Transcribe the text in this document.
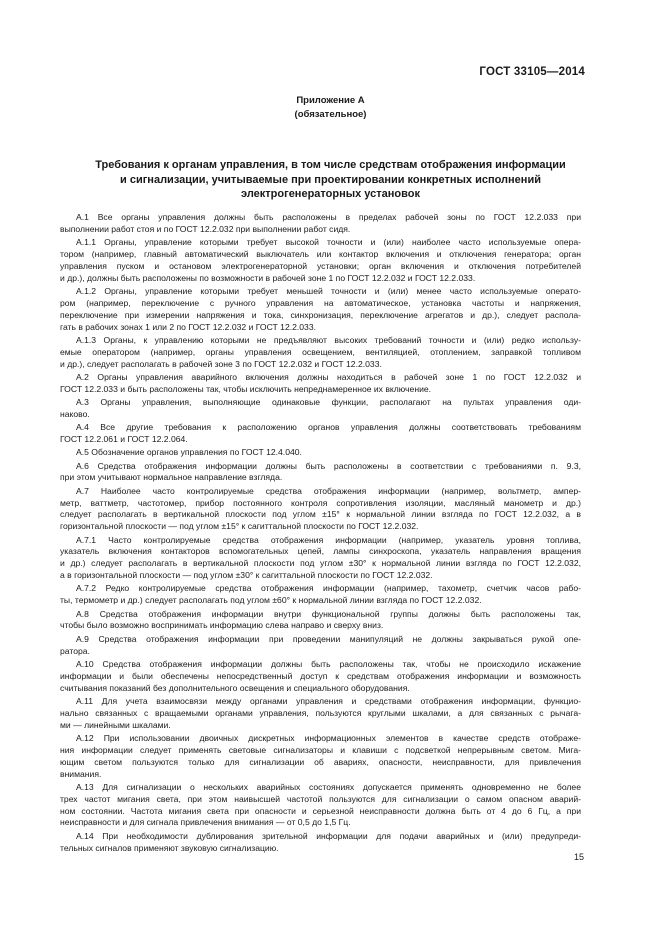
ГОСТ 33105—2014
Приложение А
(обязательное)
Требования к органам управления, в том числе средствам отображения информации
и сигнализации, учитываемые при проектировании конкретных исполнений
электрогенераторных установок
А.1 Все органы управления должны быть расположены в пределах рабочей зоны по ГОСТ 12.2.033 при
выполнении работ стоя и по ГОСТ 12.2.032 при выполнении работ сидя.
А.1.1 Органы, управление которыми требует высокой точности и (или) наиболее часто используемые опера-
тором (например, главный автоматический выключатель или контактор включения и отключения генератора; орган
управления пуском и остановом электрогенераторной установки; орган включения и отключения потребителей
и др.), должны быть расположены по возможности в рабочей зоне 1 по ГОСТ 12.2.032 и ГОСТ 12.2.033.
А.1.2 Органы, управление которыми требует меньшей точности и (или) менее часто используемые операто-
ром (например, переключение с ручного управления на автоматическое, установка частоты и напряжения,
переключение при измерении напряжения и тока, синхронизация, переключение агрегатов и др.), следует распола-
гать в рабочих зонах 1 или 2 по ГОСТ 12.2.032 и ГОСТ 12.2.033.
А.1.3 Органы, к управлению которыми не предъявляют высоких требований точности и (или) редко использу-
емые оператором (например, органы управления освещением, вентиляцией, отоплением, заправкой топливом
и др.), следует располагать в рабочей зоне 3 по ГОСТ 12.2.032 и ГОСТ 12.2.033.
А.2 Органы управления аварийного включения должны находиться в рабочей зоне 1 по ГОСТ 12.2.032 и
ГОСТ 12.2.033 и быть расположены так, чтобы исключить непреднамеренное их включение.
А.3 Органы управления, выполняющие одинаковые функции, располагают на пультах управления оди-
наково.
А.4 Все другие требования к расположению органов управления должны соответствовать требованиям
ГОСТ 12.2.061 и ГОСТ 12.2.064.
А.5 Обозначение органов управления по ГОСТ 12.4.040.
А.6 Средства отображения информации должны быть расположены в соответствии с требованиями п. 9.3,
при этом учитывают нормальное направление взгляда.
А.7 Наиболее часто контролируемые средства отображения информации (например, вольтметр, ампер-
метр, ваттметр, частотомер, прибор постоянного контроля сопротивления изоляции, масляный манометр и др.)
следует располагать в вертикальной плоскости под углом ±15° к нормальной линии взгляда по ГОСТ 12.2.032, а в
горизонтальной плоскости — под углом ±15° к сагиттальной плоскости по ГОСТ 12.2.032.
А.7.1 Часто контролируемые средства отображения информации (например, указатель уровня топлива,
указатель включения контакторов вспомогательных цепей, лампы синхроскопа, указатель направления вращения
и др.) следует располагать в вертикальной плоскости под углом ±30° к нормальной линии взгляда по ГОСТ 12.2.032,
а в горизонтальной плоскости — под углом ±30° к сагиттальной плоскости по ГОСТ 12.2.032.
А.7.2 Редко контролируемые средства отображения информации (например, тахометр, счетчик часов рабо-
ты, термометр и др.) следует располагать под углом ±60° к нормальной линии взгляда по ГОСТ 12.2.032.
А.8 Средства отображения информации внутри функциональной группы должны быть расположены так,
чтобы было возможно воспринимать информацию слева направо и сверху вниз.
А.9 Средства отображения информации при проведении манипуляций не должны закрываться рукой опе-
ратора.
А.10 Средства отображения информации должны быть расположены так, чтобы не происходило искажение
информации и были обеспечены непосредственный доступ к средствам отображения информации и возможность
считывания показаний без дополнительного освещения и специального оборудования.
А.11 Для учета взаимосвязи между органами управления и средствами отображения информации, функцио-
нально связанных с вращаемыми органами управления, пользуются круглыми шкалами, а для связанных с рычага-
ми — линейными шкалами.
А.12 При использовании двоичных дискретных информационных элементов в качестве средств отображе-
ния информации следует применять световые сигнализаторы и клавиши с подсветкой непрерывным светом. Мига-
ющим светом пользуются только для сигнализации об авариях, опасности, неисправности, для привлечения
внимания.
А.13 Для сигнализации о нескольких аварийных состояниях допускается применять одновременно не более
трех частот мигания света, при этом наивысшей частотой пользуются для сигнализации о самом опасном аварий-
ном состоянии. Частота мигания света при опасности и серьезной неисправности должна быть от 4 до 6 Гц, а при
неисправности и для сигнала привлечения внимания — от 0,5 до 1,5 Гц.
А.14 При необходимости дублирования зрительной информации для подачи аварийных и (или) предупреди-
тельных сигналов применяют звуковую сигнализацию.
15
